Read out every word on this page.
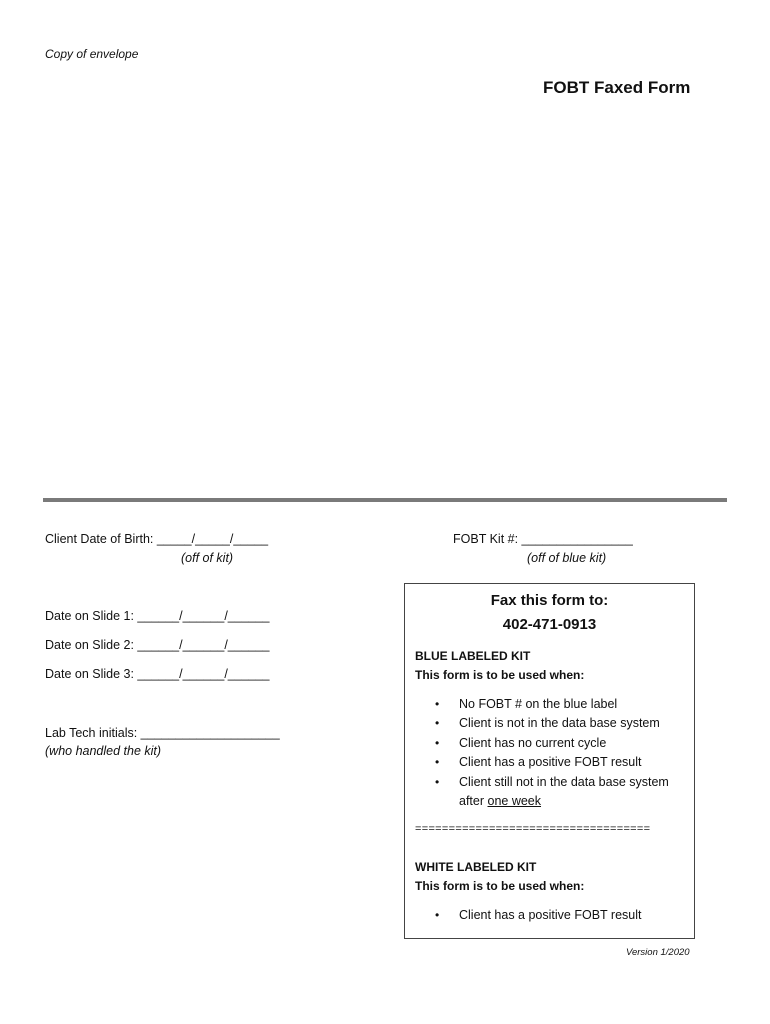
Copy of envelope
FOBT Faxed Form
Client Date of Birth: _____/_____/_____
(off of kit)
FOBT Kit #: ________________
(off of blue kit)
Date on Slide 1: ______/______/______
Date on Slide 2: ______/______/______
Date on Slide 3: ______/______/______
Lab Tech initials: ____________________
(who handled the kit)
Fax this form to:
402-471-0913
BLUE LABELED KIT
This form is to be used when:
• No FOBT # on the blue label
• Client is not in the data base system
• Client has no current cycle
• Client has a positive FOBT result
• Client still not in the data base system
after one week
===================================
WHITE LABELED KIT
This form is to be used when:
• Client has a positive FOBT result
Version 1/2020
